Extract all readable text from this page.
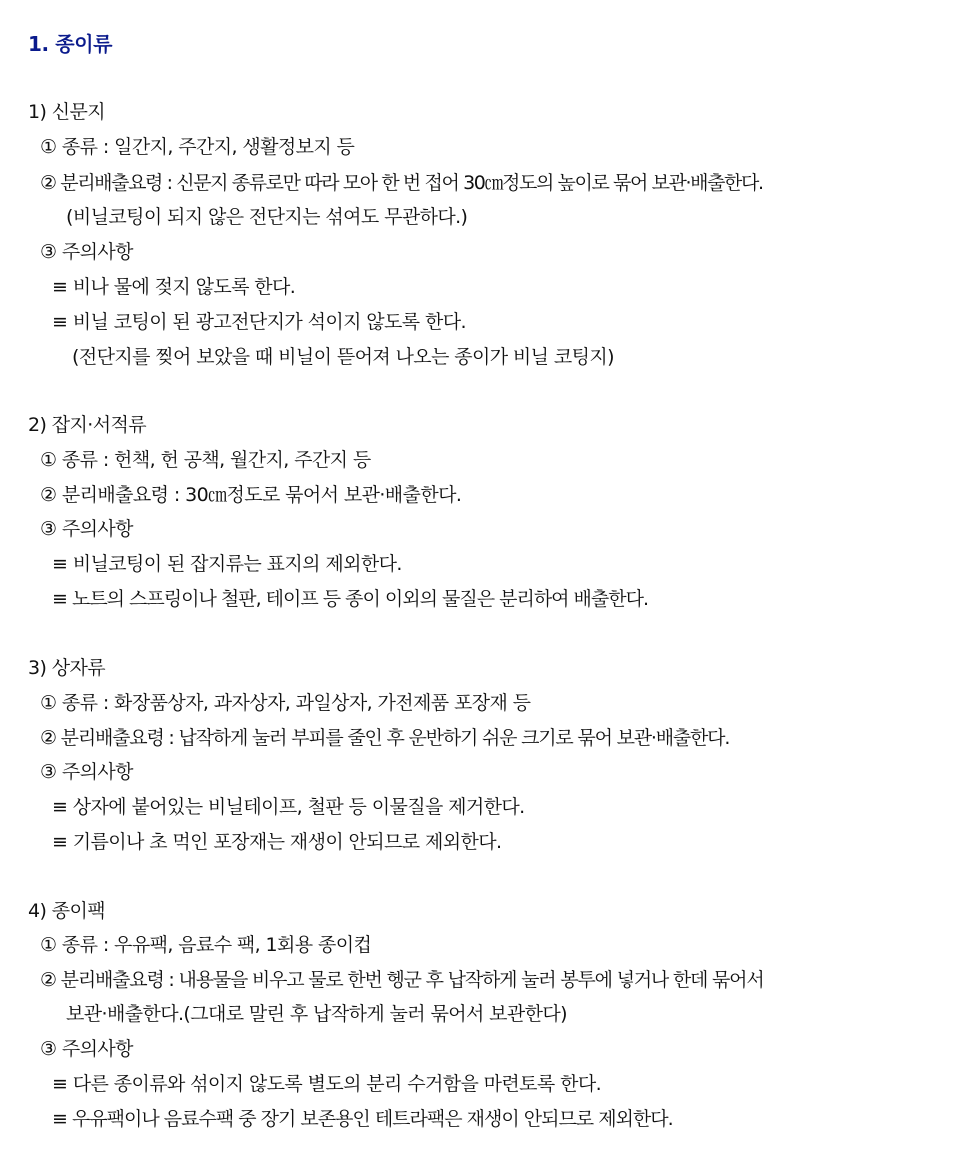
1. 종이류
1) 신문지
① 종류 : 일간지, 주간지, 생활정보지 등
② 분리배출요령 : 신문지 종류로만 따라 모아 한 번 접어 30㎝정도의 높이로 묶어 보관·배출한다.
(비닐코팅이 되지 않은 전단지는 섞여도 무관하다.)
③ 주의사항
≡ 비나 물에 젖지 않도록 한다.
≡ 비닐 코팅이 된 광고전단지가 석이지 않도록 한다.
(전단지를 찢어 보았을 때 비닐이 뜯어져 나오는 종이가 비닐 코팅지)
2) 잡지·서적류
① 종류 : 헌책, 헌 공책, 월간지, 주간지 등
② 분리배출요령 : 30㎝정도로 묶어서 보관·배출한다.
③ 주의사항
≡ 비닐코팅이 된 잡지류는 표지의 제외한다.
≡ 노트의 스프링이나 철판, 테이프 등 종이 이외의 물질은 분리하여 배출한다.
3) 상자류
① 종류 : 화장품상자, 과자상자, 과일상자, 가전제품 포장재 등
② 분리배출요령 : 납작하게 눌러 부피를 줄인 후 운반하기 쉬운 크기로 묶어 보관·배출한다.
③ 주의사항
≡ 상자에 붙어있는 비닐테이프, 철판 등 이물질을 제거한다.
≡ 기름이나 초 먹인 포장재는 재생이 안되므로 제외한다.
4) 종이팩
① 종류 : 우유팩, 음료수 팩, 1회용 종이컵
② 분리배출요령 : 내용물을 비우고 물로 한번 헹군 후 납작하게 눌러 봉투에 넣거나 한데 묶어서
보관·배출한다.(그대로 말린 후 납작하게 눌러 묶어서 보관한다)
③ 주의사항
≡ 다른 종이류와 섞이지 않도록 별도의 분리 수거함을 마련토록 한다.
≡ 우유팩이나 음료수팩 중 장기 보존용인 테트라팩은 재생이 안되므로 제외한다.
